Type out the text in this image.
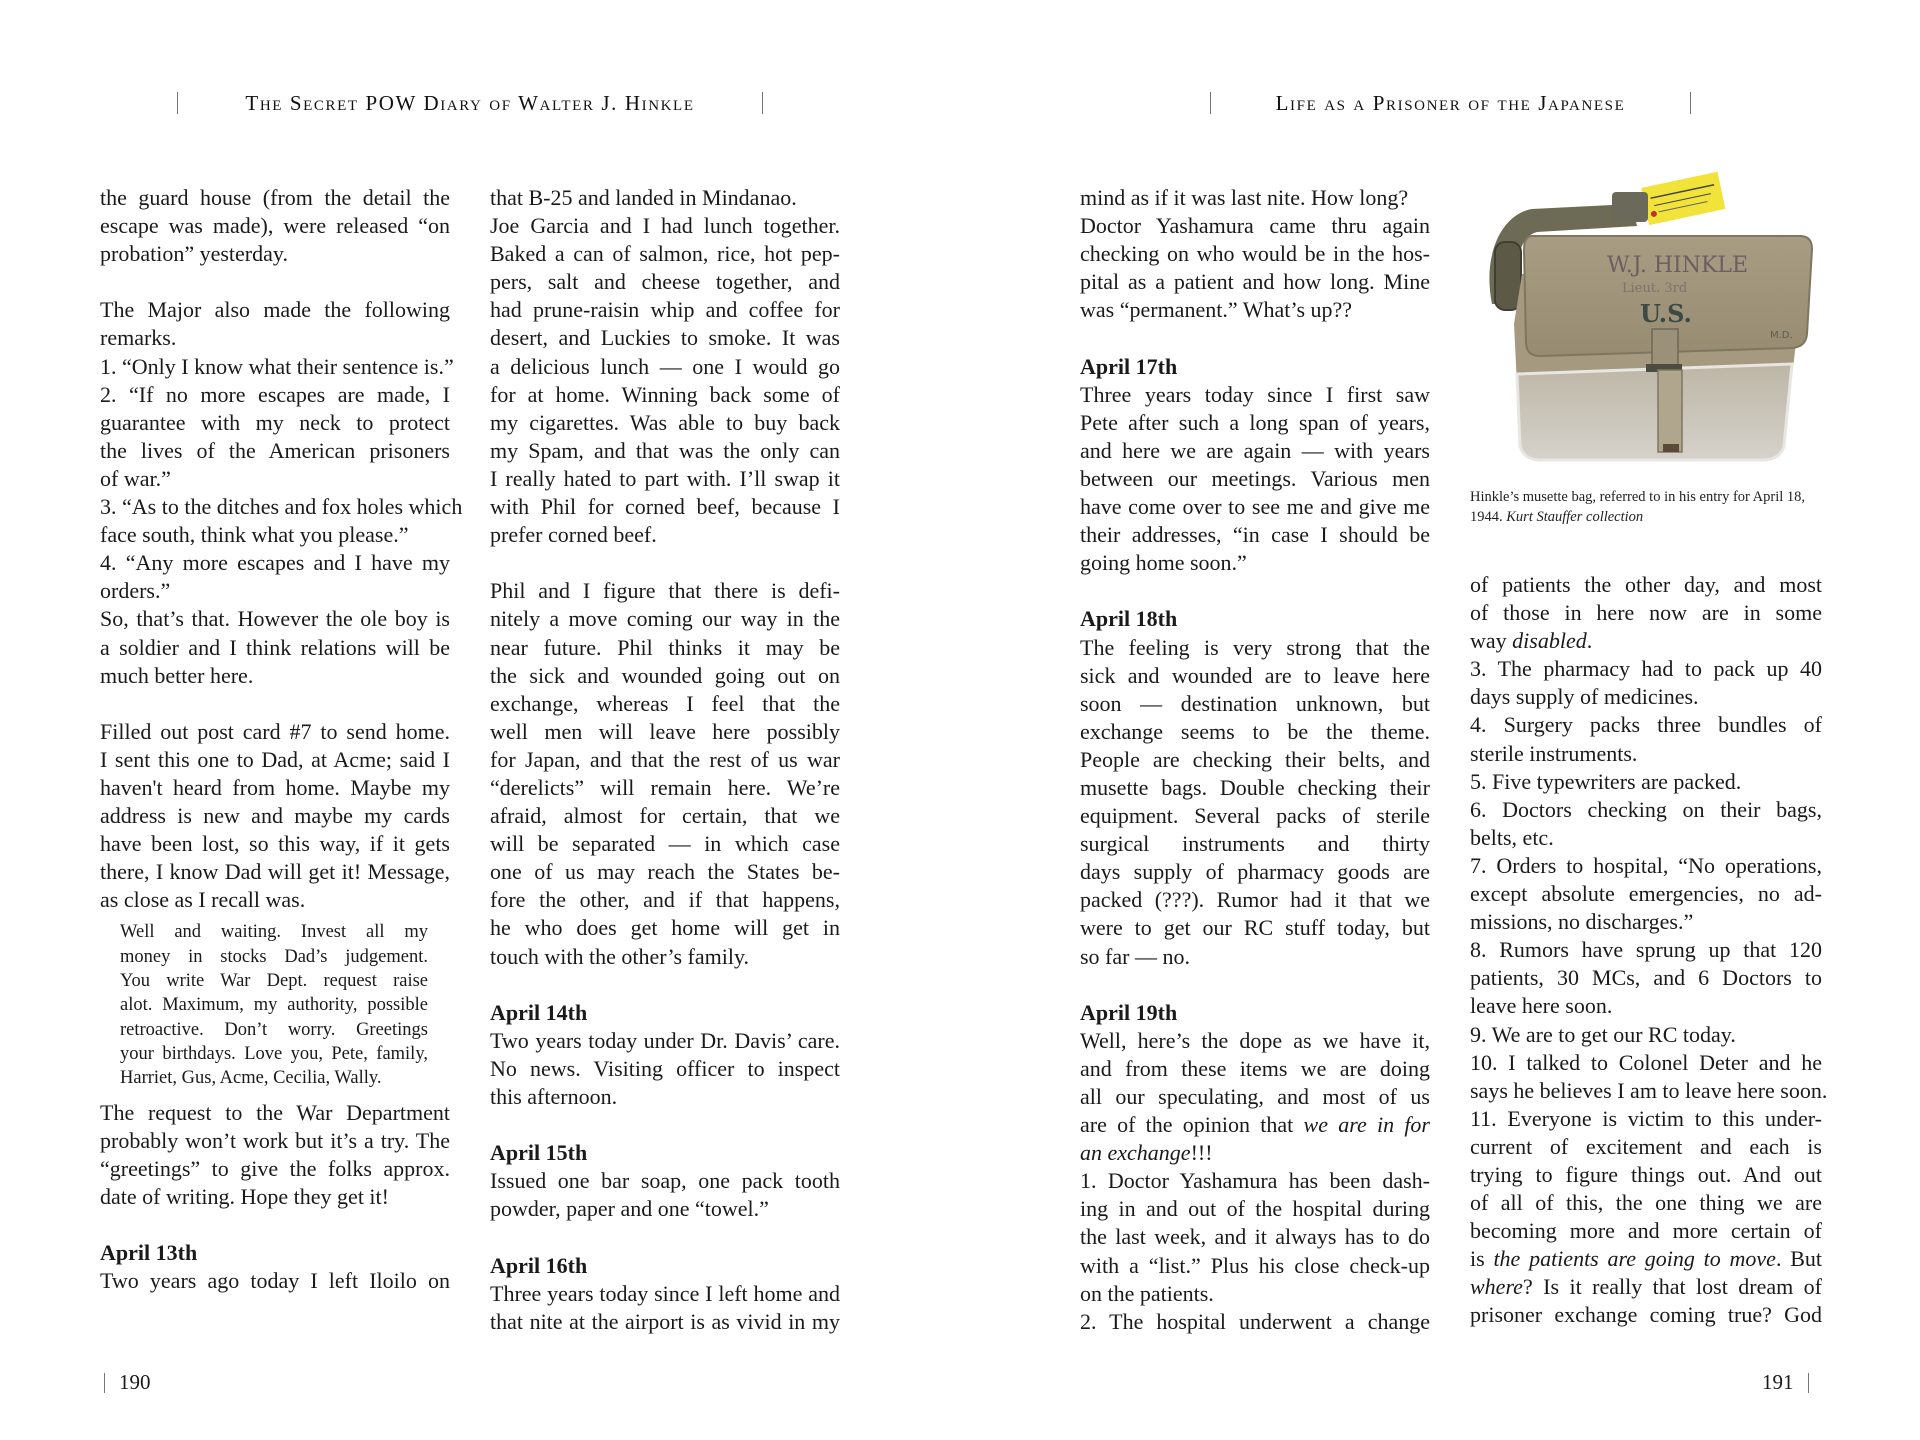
The Secret POW Diary of Walter J. Hinkle	Life as a Prisoner of the Japanese
the guard house (from the detail the
escape was made), were released “on
probation” yesterday.
The Major also made the following
remarks.
1. “Only I know what their sentence is.”
2. “If no more escapes are made, I
guarantee with my neck to protect
the lives of the American prisoners
of war.”
3. “As to the ditches and fox holes which
face south, think what you please.”
4. “Any more escapes and I have my
orders.”
So, that’s that. However the ole boy is
a soldier and I think relations will be
much better here.
Filled out post card #7 to send home.
I sent this one to Dad, at Acme; said I
haven't heard from home. Maybe my
address is new and maybe my cards
have been lost, so this way, if it gets
there, I know Dad will get it! Message,
as close as I recall was.
Well and waiting. Invest all my
money in stocks Dad’s judgement.
You write War Dept. request raise
alot. Maximum, my authority, possible
retroactive. Don’t worry. Greetings
your birthdays. Love you, Pete, family,
Harriet, Gus, Acme, Cecilia, Wally.
The request to the War Department
probably won’t work but it’s a try. The
“greetings” to give the folks approx.
date of writing. Hope they get it!
April 13th
Two years ago today I left Iloilo on
that B-25 and landed in Mindanao.
Joe Garcia and I had lunch together.
Baked a can of salmon, rice, hot pep-
pers, salt and cheese together, and
had prune-raisin whip and coffee for
desert, and Luckies to smoke. It was
a delicious lunch — one I would go
for at home. Winning back some of
my cigarettes. Was able to buy back
my Spam, and that was the only can
I really hated to part with. I’ll swap it
with Phil for corned beef, because I
prefer corned beef.
Phil and I figure that there is defi-
nitely a move coming our way in the
near future. Phil thinks it may be
the sick and wounded going out on
exchange, whereas I feel that the
well men will leave here possibly
for Japan, and that the rest of us war
“derelicts” will remain here. We’re
afraid, almost for certain, that we
will be separated — in which case
one of us may reach the States be-
fore the other, and if that happens,
he who does get home will get in
touch with the other’s family.
April 14th
Two years today under Dr. Davis’ care.
No news. Visiting officer to inspect
this afternoon.
April 15th
Issued one bar soap, one pack tooth
powder, paper and one “towel.”
April 16th
Three years today since I left home and
that nite at the airport is as vivid in my
mind as if it was last nite. How long?
Doctor Yashamura came thru again
checking on who would be in the hos-
pital as a patient and how long. Mine
was “permanent.” What’s up??
April 17th
Three years today since I first saw
Pete after such a long span of years,
and here we are again — with years
between our meetings. Various men
have come over to see me and give me
their addresses, “in case I should be
going home soon.”
April 18th
The feeling is very strong that the
sick and wounded are to leave here
soon — destination unknown, but
exchange seems to be the theme.
People are checking their belts, and
musette bags. Double checking their
equipment. Several packs of sterile
surgical instruments and thirty
days supply of pharmacy goods are
packed (???). Rumor had it that we
were to get our RC stuff today, but
so far — no.
April 19th
Well, here’s the dope as we have it,
and from these items we are doing
all our speculating, and most of us
are of the opinion that we are in for
an exchange!!!
1. Doctor Yashamura has been dash-
ing in and out of the hospital during
the last week, and it always has to do
with a “list.” Plus his close check-up
on the patients.
2. The hospital underwent a change
of patients the other day, and most
of those in here now are in some
way disabled.
3. The pharmacy had to pack up 40
days supply of medicines.
4. Surgery packs three bundles of
sterile instruments.
5. Five typewriters are packed.
6. Doctors checking on their bags,
belts, etc.
7. Orders to hospital, “No operations,
except absolute emergencies, no ad-
missions, no discharges.”
8. Rumors have sprung up that 120
patients, 30 MCs, and 6 Doctors to
leave here soon.
9. We are to get our RC today.
10. I talked to Colonel Deter and he
says he believes I am to leave here soon.
11. Everyone is victim to this under-
current of excitement and each is
trying to figure things out. And out
of all of this, the one thing we are
becoming more and more certain of
is the patients are going to move. But
where? Is it really that lost dream of
prisoner exchange coming true? God
W.J. HINKLE
Lieut. 3rd
U.S.
M.D.
Hinkle’s musette bag, referred to in his entry for April 18, 1944. Kurt Stauffer collection
190	191
